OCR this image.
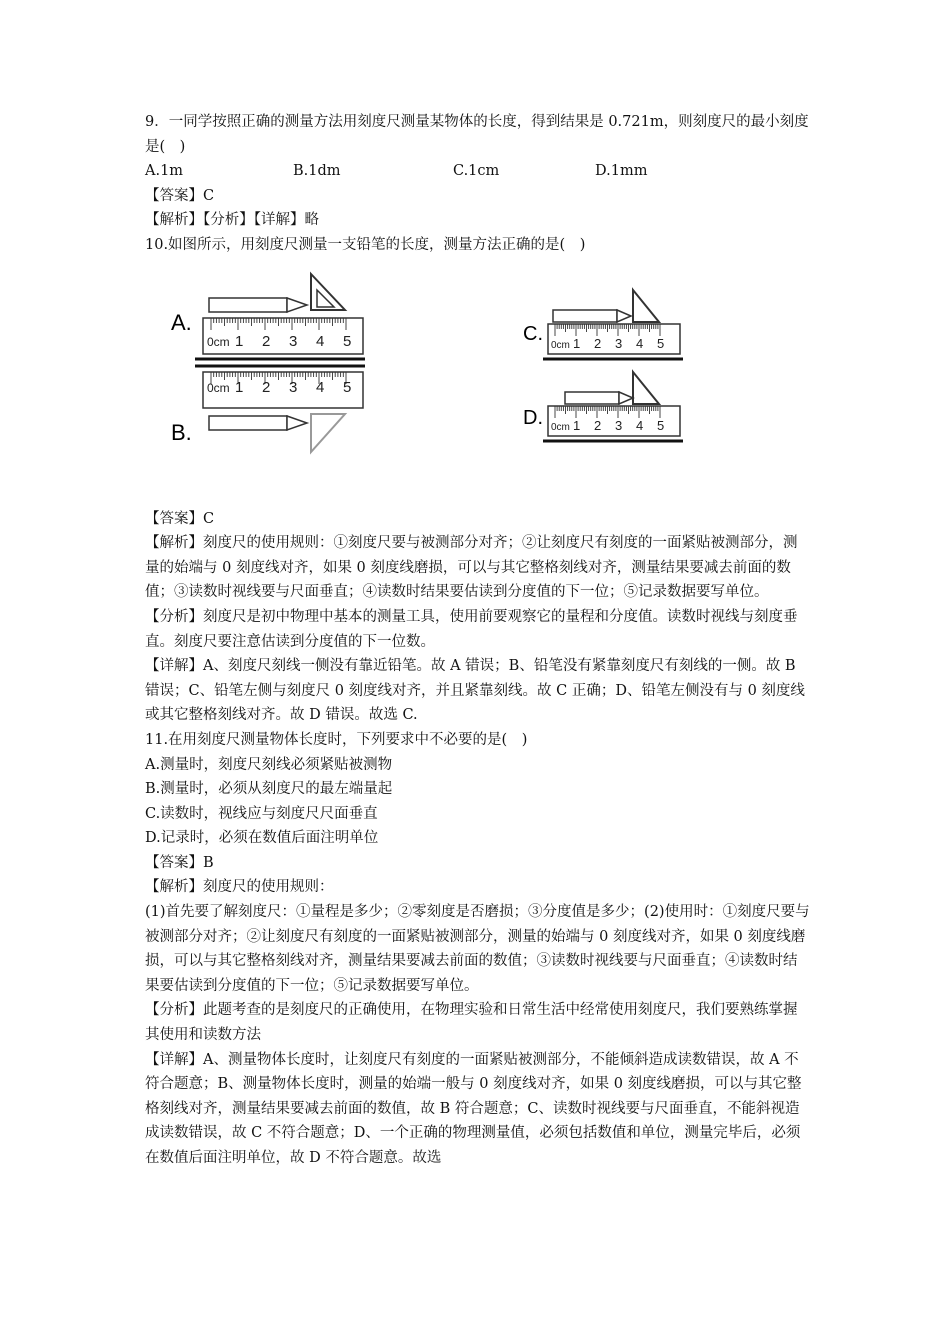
9．一同学按照正确的测量方法用刻度尺测量某物体的长度，得到结果是 0.721m，则刻度尺的最小刻度是(　)

A.1m	B.1dm	C.1cm	D.1mm

【答案】C

【解析】【分析】【详解】略

10.如图所示，用刻度尺测量一支铅笔的长度，测量方法正确的是(　)

A.
B.
C.
D.
0cm 1 2 3 4 5
0cm 1 2 3 4 5
0cm 1 2 3 4 5
0cm 1 2 3 4 5

【答案】C

【解析】刻度尺的使用规则：①刻度尺要与被测部分对齐；②让刻度尺有刻度的一面紧贴被测部分，测量的始端与 0 刻度线对齐，如果 0 刻度线磨损，可以与其它整格刻线对齐，测量结果要减去前面的数值；③读数时视线要与尺面垂直；④读数时结果要估读到分度值的下一位；⑤记录数据要写单位。

【分析】刻度尺是初中物理中基本的测量工具，使用前要观察它的量程和分度值。读数时视线与刻度垂直。刻度尺要注意估读到分度值的下一位数。

【详解】A、刻度尺刻线一侧没有靠近铅笔。故 A 错误；B、铅笔没有紧靠刻度尺有刻线的一侧。故 B 错误；C、铅笔左侧与刻度尺 0 刻度线对齐，并且紧靠刻线。故 C 正确；D、铅笔左侧没有与 0 刻度线或其它整格刻线对齐。故 D 错误。故选 C.

11.在用刻度尺测量物体长度时，下列要求中不必要的是(　)

A.测量时，刻度尺刻线必须紧贴被测物

B.测量时，必须从刻度尺的最左端量起

C.读数时，视线应与刻度尺尺面垂直

D.记录时，必须在数值后面注明单位

【答案】B

【解析】刻度尺的使用规则：

(1)首先要了解刻度尺：①量程是多少；②零刻度是否磨损；③分度值是多少；(2)使用时：①刻度尺要与被测部分对齐；②让刻度尺有刻度的一面紧贴被测部分，测量的始端与 0 刻度线对齐，如果 0 刻度线磨损，可以与其它整格刻线对齐，测量结果要减去前面的数值；③读数时视线要与尺面垂直；④读数时结果要估读到分度值的下一位；⑤记录数据要写单位。

【分析】此题考查的是刻度尺的正确使用，在物理实验和日常生活中经常使用刻度尺，我们要熟练掌握其使用和读数方法

【详解】A、测量物体长度时，让刻度尺有刻度的一面紧贴被测部分，不能倾斜造成读数错误，故 A 不符合题意；B、测量物体长度时，测量的始端一般与 0 刻度线对齐，如果 0 刻度线磨损，可以与其它整格刻线对齐，测量结果要减去前面的数值，故 B 符合题意；C、读数时视线要与尺面垂直，不能斜视造成读数错误，故 C 不符合题意；D、一个正确的物理测量值，必须包括数值和单位，测量完毕后，必须在数值后面注明单位，故 D 不符合题意。故选
